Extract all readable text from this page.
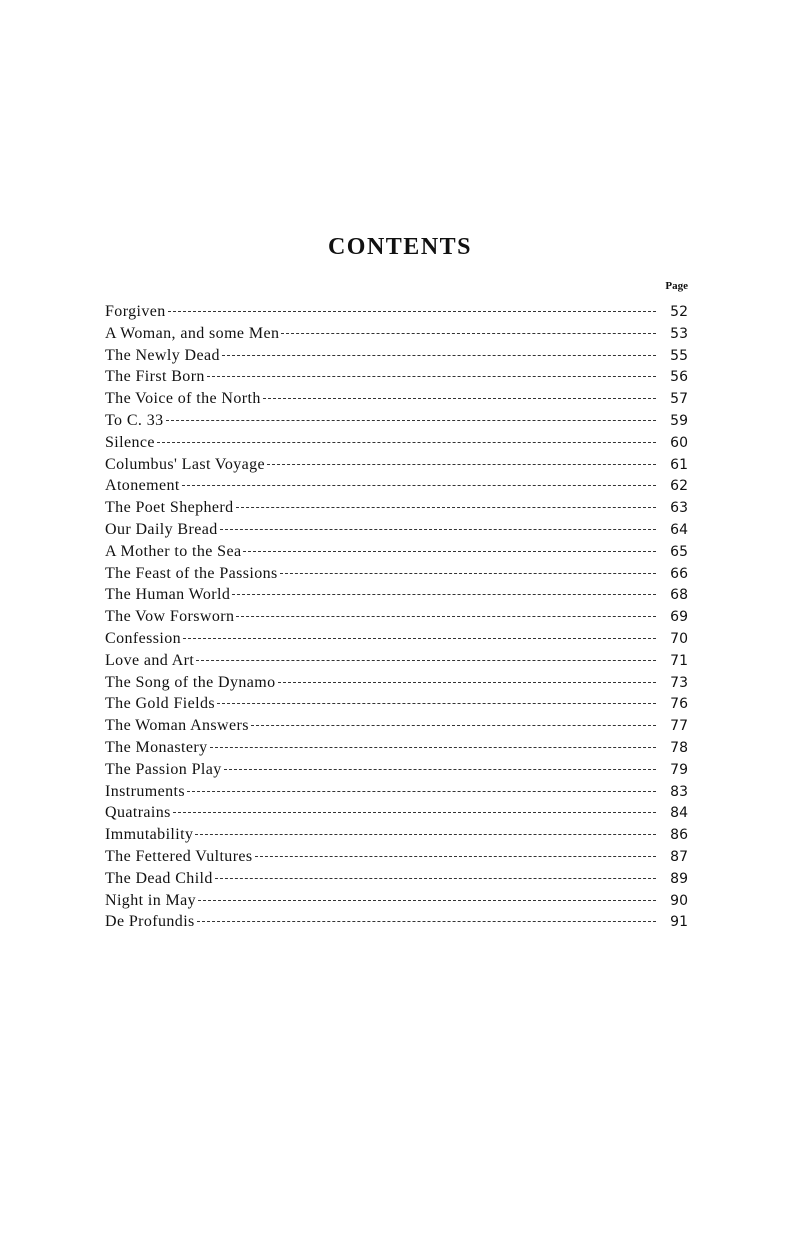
CONTENTS
Page
Forgiven	52
A Woman, and some Men	53
The Newly Dead	55
The First Born	56
The Voice of the North	57
To C. 33	59
Silence	60
Columbus' Last Voyage	61
Atonement	62
The Poet Shepherd	63
Our Daily Bread	64
A Mother to the Sea	65
The Feast of the Passions	66
The Human World	68
The Vow Forsworn	69
Confession	70
Love and Art	71
The Song of the Dynamo	73
The Gold Fields	76
The Woman Answers	77
The Monastery	78
The Passion Play	79
Instruments	83
Quatrains	84
Immutability	86
The Fettered Vultures	87
The Dead Child	89
Night in May	90
De Profundis	91
